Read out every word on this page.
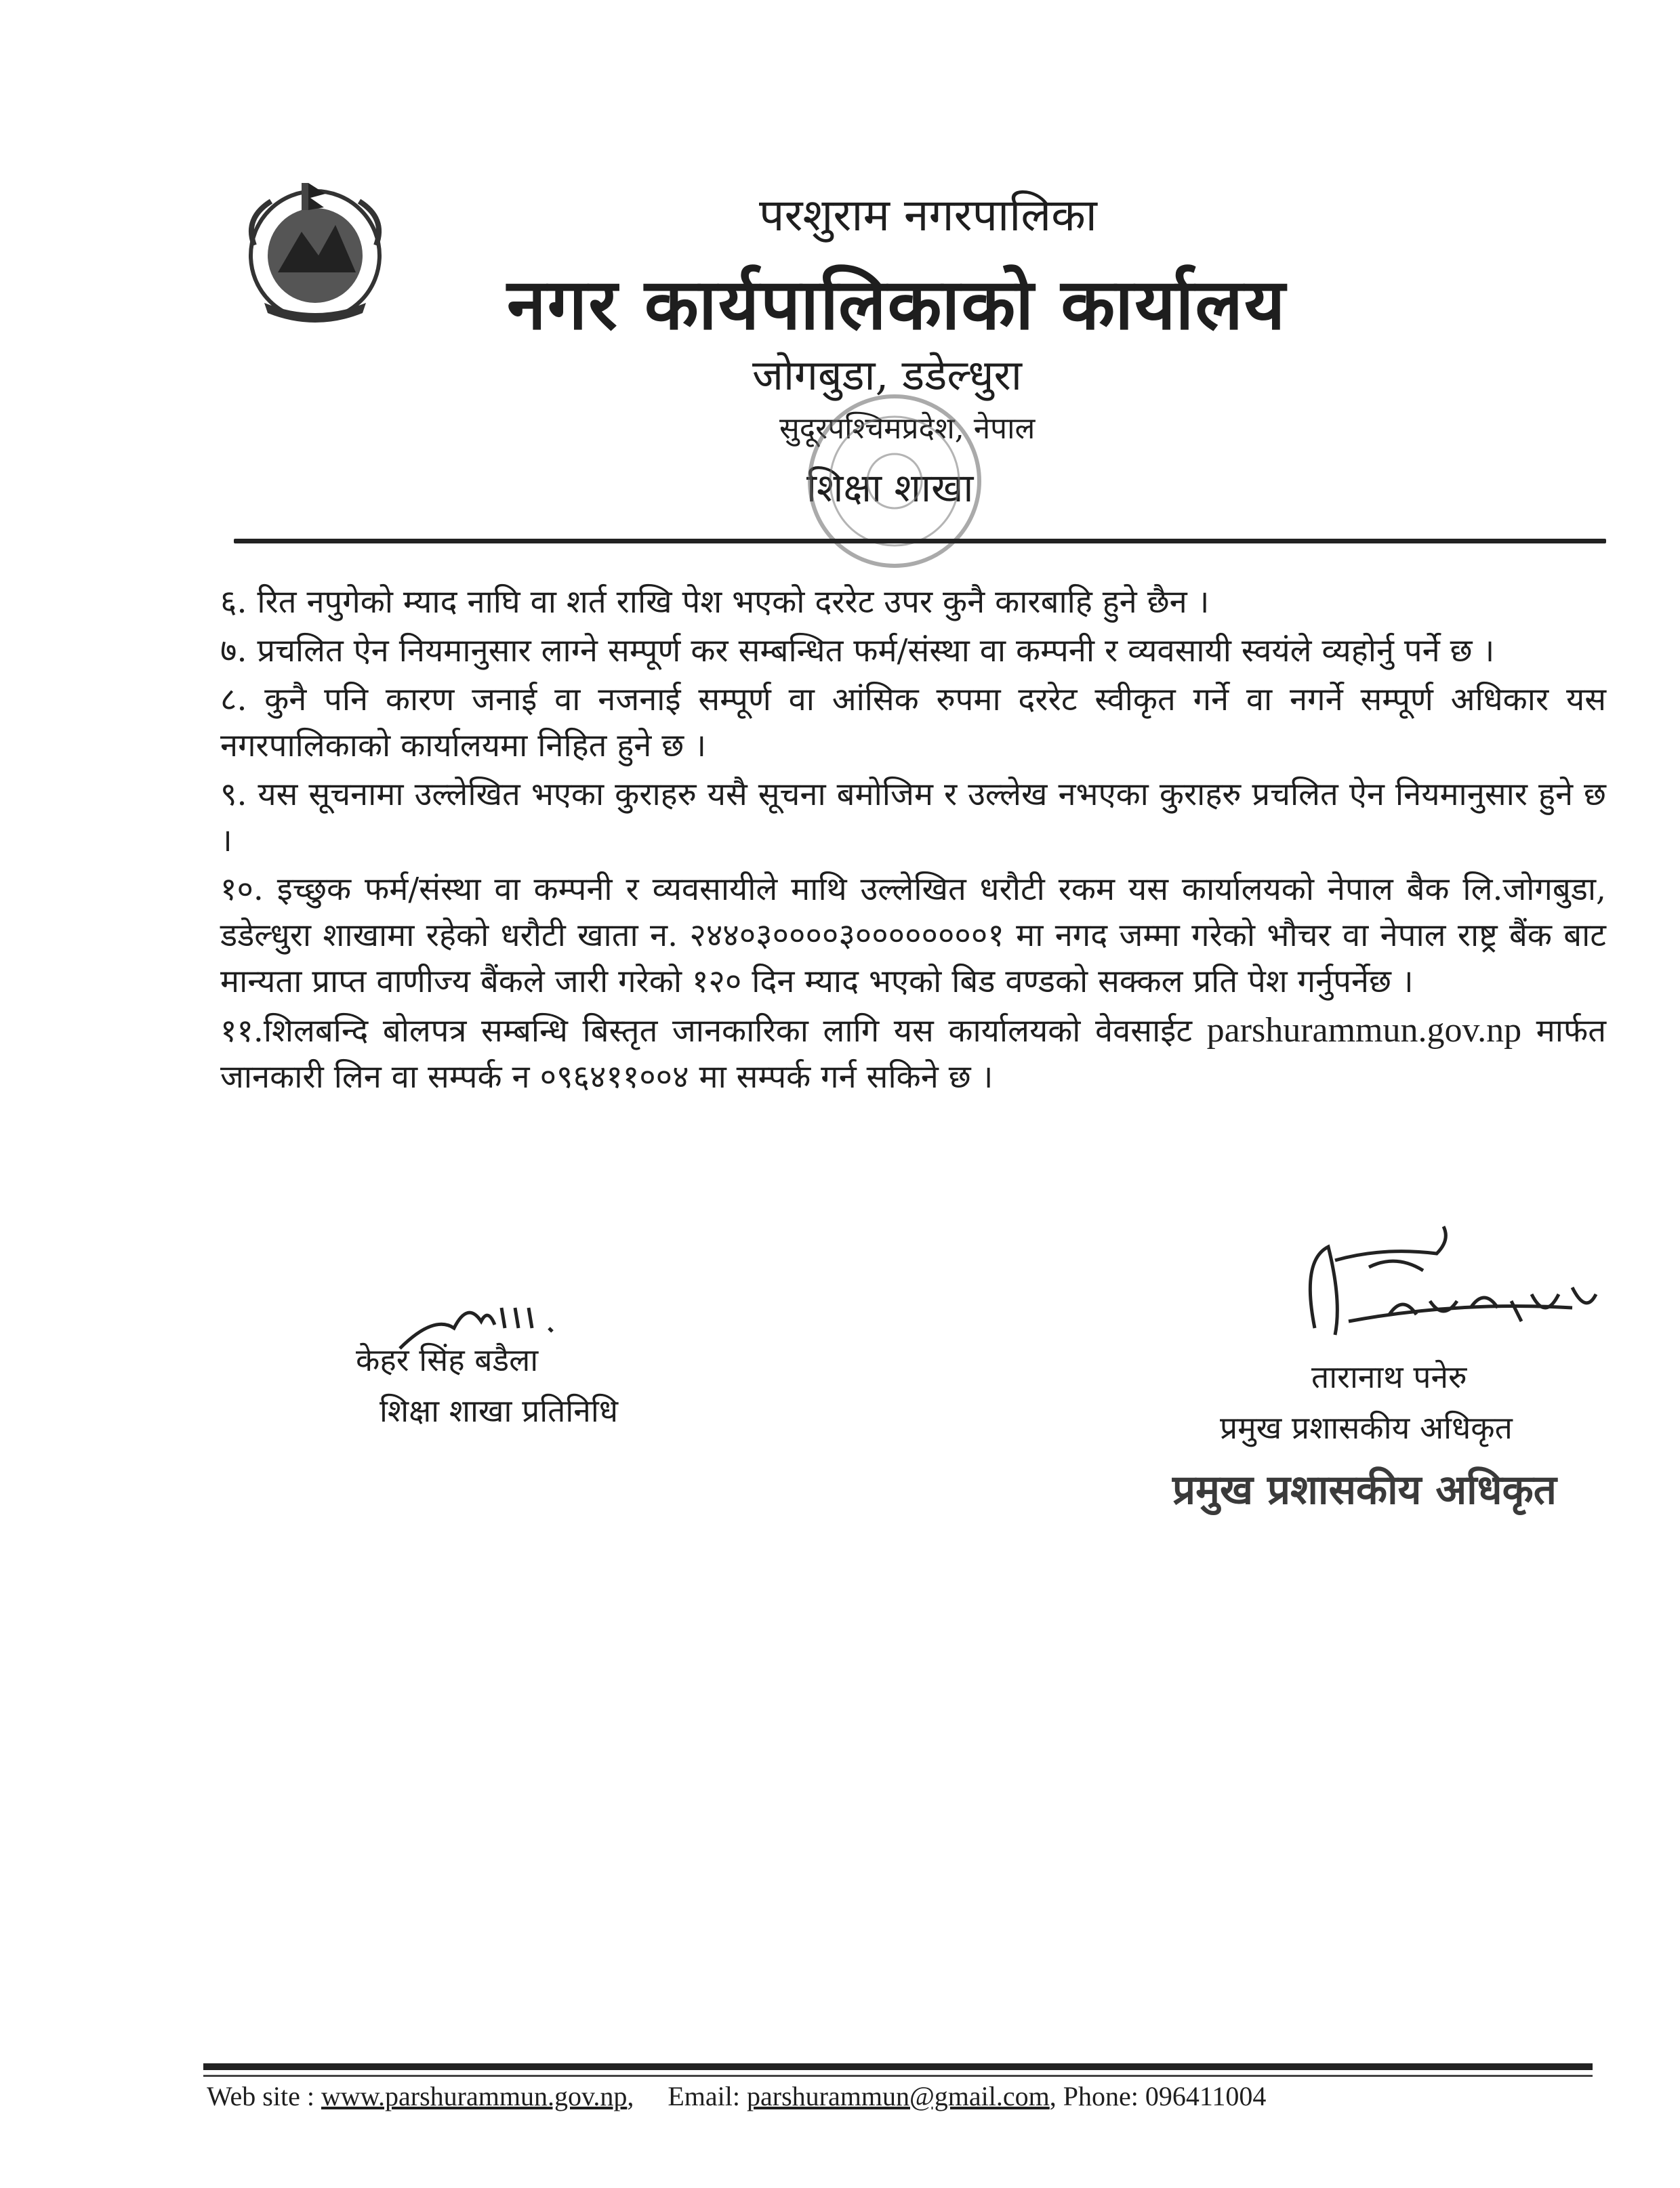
परशुराम नगरपालिका
नगर कार्यपालिकाको कार्यालय
जोगबुडा, डडेल्धुरा
सुदूरपश्चिमप्रदेश, नेपाल
शिक्षा शाखा

६. रित नपुगेको म्याद नाघि वा शर्त राखि पेश भएको दररेट उपर कुनै कारबाहि हुने छैन ।

७. प्रचलित ऐन नियमानुसार लाग्ने सम्पूर्ण कर सम्बन्धित फर्म/संस्था वा कम्पनी र व्यवसायी स्वयंले व्यहोर्नु पर्ने छ ।

८. कुनै पनि कारण जनाई वा नजनाई सम्पूर्ण वा आंसिक रुपमा दररेट स्वीकृत गर्ने वा नगर्ने सम्पूर्ण अधिकार यस नगरपालिकाको कार्यालयमा निहित हुने छ ।

९. यस सूचनामा उल्लेखित भएका कुराहरु यसै सूचना बमोजिम र उल्लेख नभएका कुराहरु प्रचलित ऐन नियमानुसार हुने छ ।

१०. इच्छुक फर्म/संस्था वा कम्पनी र व्यवसायीले माथि उल्लेखित धरौटी रकम यस कार्यालयको नेपाल बैक लि.जोगबुडा, डडेल्धुरा शाखामा रहेको धरौटी खाता न. २४४०३००००३००००००००१ मा नगद जम्मा गरेको भौचर वा नेपाल राष्ट्र बैंक बाट मान्यता प्राप्त वाणीज्य बैंकले जारी गरेको १२० दिन म्याद भएको बिड वण्डको सक्कल प्रति पेश गर्नुपर्नेछ ।

११.शिलबन्दि बोलपत्र सम्बन्धि बिस्तृत जानकारिका लागि यस कार्यालयको वेवसाईट parshurammun.gov.np मार्फत जानकारी लिन वा सम्पर्क न ०९६४११००४ मा सम्पर्क गर्न सकिने छ ।

केहर सिंह बडैला
शिक्षा शाखा प्रतिनिधि
तारानाथ पनेरु
प्रमुख प्रशासकीय अधिकृत
प्रमुख प्रशासकीय अधिकृत
Web site : www.parshurammun.gov.np,     Email: parshurammun@gmail.com, Phone: 096411004
